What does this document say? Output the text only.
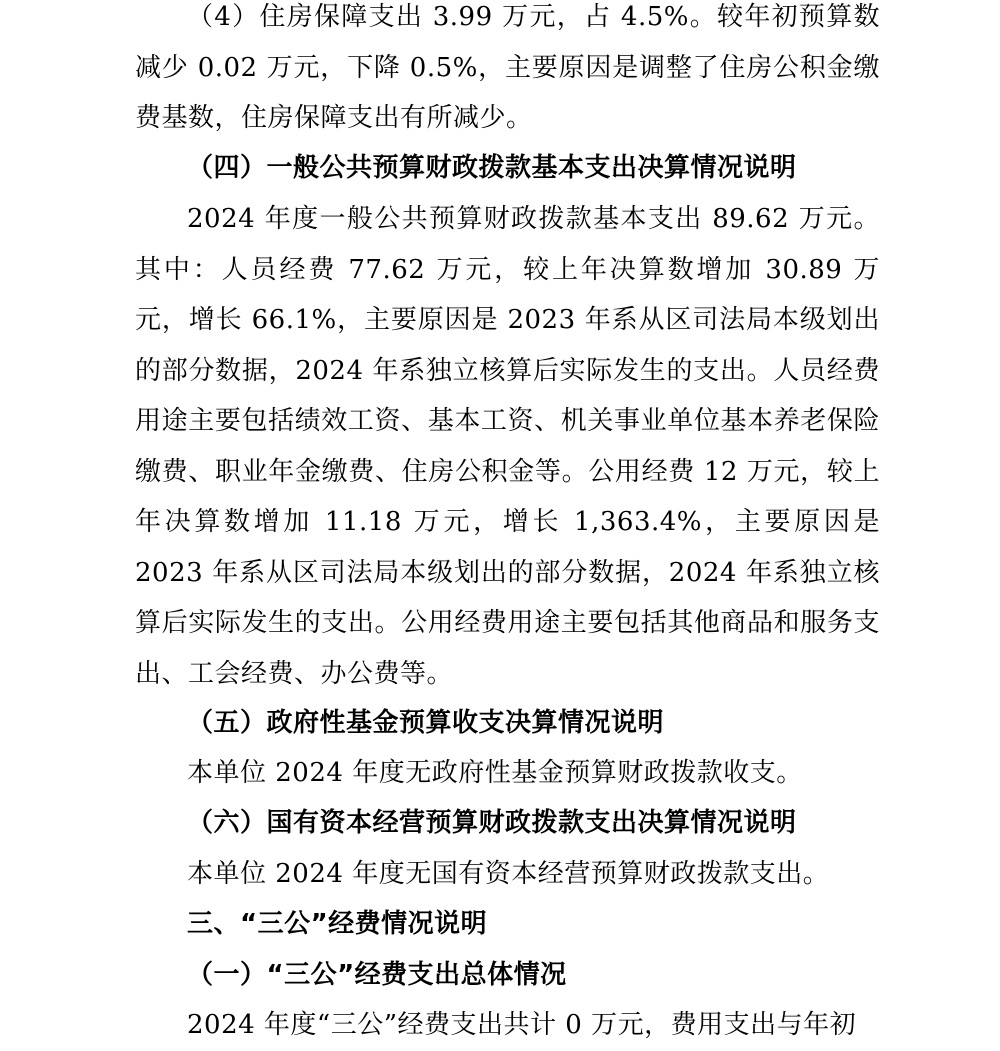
（4）住房保障支出 3.99 万元，占 4.5%。较年初预算数减少 0.02 万元，下降 0.5%，主要原因是调整了住房公积金缴费基数，住房保障支出有所减少。

（四）一般公共预算财政拨款基本支出决算情况说明

2024 年度一般公共预算财政拨款基本支出 89.62 万元。其中：人员经费 77.62 万元，较上年决算数增加 30.89 万元，增长 66.1%，主要原因是 2023 年系从区司法局本级划出的部分数据，2024 年系独立核算后实际发生的支出。人员经费用途主要包括绩效工资、基本工资、机关事业单位基本养老保险缴费、职业年金缴费、住房公积金等。公用经费 12 万元，较上年决算数增加 11.18 万元，增长 1,363.4%，主要原因是 2023 年系从区司法局本级划出的部分数据，2024 年系独立核算后实际发生的支出。公用经费用途主要包括其他商品和服务支出、工会经费、办公费等。

（五）政府性基金预算收支决算情况说明

本单位 2024 年度无政府性基金预算财政拨款收支。

（六）国有资本经营预算财政拨款支出决算情况说明

本单位 2024 年度无国有资本经营预算财政拨款支出。

三、“三公”经费情况说明

（一）“三公”经费支出总体情况

2024 年度“三公”经费支出共计 0 万元，费用支出与年初
